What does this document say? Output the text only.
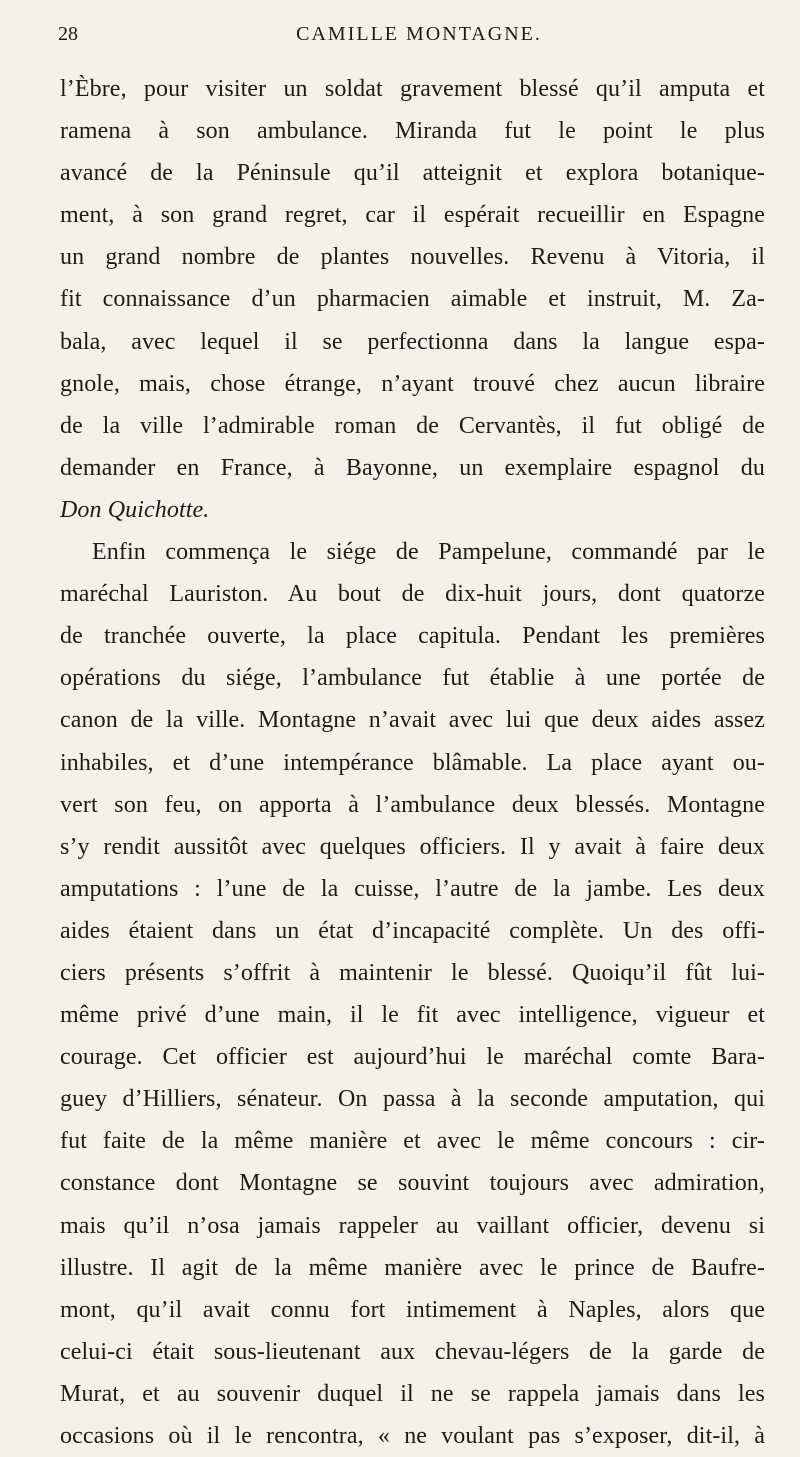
28	CAMILLE MONTAGNE.
l’Èbre, pour visiter un soldat gravement blessé qu’il amputa et
ramena à son ambulance. Miranda fut le point le plus
avancé de la Péninsule qu’il atteignit et explora botanique-
ment, à son grand regret, car il espérait recueillir en Espagne
un grand nombre de plantes nouvelles. Revenu à Vitoria, il
fit connaissance d’un pharmacien aimable et instruit, M. Za-
bala, avec lequel il se perfectionna dans la langue espa-
gnole, mais, chose étrange, n’ayant trouvé chez aucun libraire
de la ville l’admirable roman de Cervantès, il fut obligé de
demander en France, à Bayonne, un exemplaire espagnol du
Don Quichotte.
Enfin commença le siége de Pampelune, commandé par le
maréchal Lauriston. Au bout de dix-huit jours, dont quatorze
de tranchée ouverte, la place capitula. Pendant les premières
opérations du siége, l’ambulance fut établie à une portée de
canon de la ville. Montagne n’avait avec lui que deux aides assez
inhabiles, et d’une intempérance blâmable. La place ayant ou-
vert son feu, on apporta à l’ambulance deux blessés. Montagne
s’y rendit aussitôt avec quelques officiers. Il y avait à faire deux
amputations : l’une de la cuisse, l’autre de la jambe. Les deux
aides étaient dans un état d’incapacité complète. Un des offi-
ciers présents s’offrit à maintenir le blessé. Quoiqu’il fût lui-
même privé d’une main, il le fit avec intelligence, vigueur et
courage. Cet officier est aujourd’hui le maréchal comte Bara-
guey d’Hilliers, sénateur. On passa à la seconde amputation, qui
fut faite de la même manière et avec le même concours : cir-
constance dont Montagne se souvint toujours avec admiration,
mais qu’il n’osa jamais rappeler au vaillant officier, devenu si
illustre. Il agit de la même manière avec le prince de Baufre-
mont, qu’il avait connu fort intimement à Naples, alors que
celui-ci était sous-lieutenant aux chevau-légers de la garde de
Murat, et au souvenir duquel il ne se rappela jamais dans les
occasions où il le rencontra, « ne voulant pas s’exposer, dit-il, à
